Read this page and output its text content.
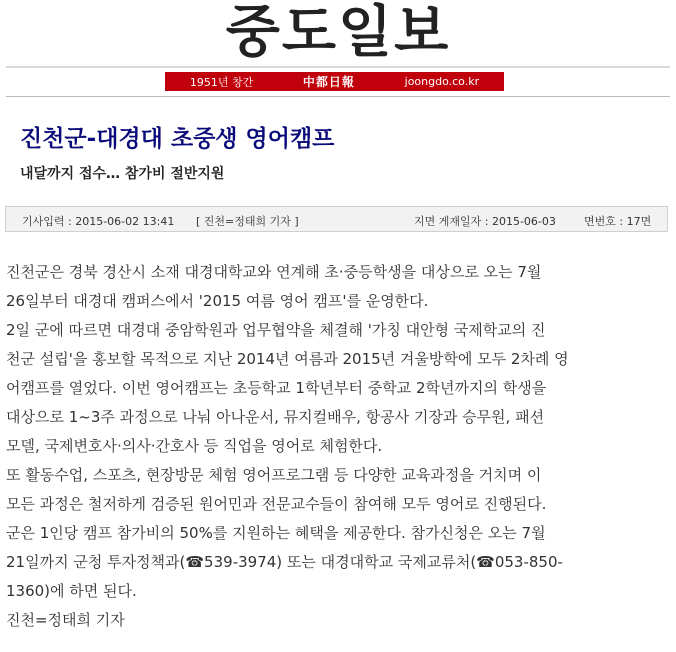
중도일보
1951년 창간	中都日報	joongdo.co.kr
진천군-대경대 초중생 영어캠프
내달까지 접수… 참가비 절반지원
기사입력 : 2015-06-02 13:41 [ 진천=정태희 기자 ]	지면 게재일자 : 2015-06-03	면번호 : 17면
진천군은 경북 경산시 소재 대경대학교와 연계해 초·중등학생을 대상으로 오는 7월
26일부터 대경대 캠퍼스에서 '2015 여름 영어 캠프'를 운영한다.
2일 군에 따르면 대경대 중암학원과 업무협약을 체결해 '가칭 대안형 국제학교의 진
천군 설립'을 홍보할 목적으로 지난 2014년 여름과 2015년 겨울방학에 모두 2차례 영
어캠프를 열었다. 이번 영어캠프는 초등학교 1학년부터 중학교 2학년까지의 학생을
대상으로 1~3주 과정으로 나눠 아나운서, 뮤지컬배우, 항공사 기장과 승무원, 패션
모델, 국제변호사·의사·간호사 등 직업을 영어로 체험한다.
또 활동수업, 스포츠, 현장방문 체험 영어프로그램 등 다양한 교육과정을 거치며 이
모든 과정은 철저하게 검증된 원어민과 전문교수들이 참여해 모두 영어로 진행된다.
군은 1인당 캠프 참가비의 50%를 지원하는 혜택을 제공한다. 참가신청은 오는 7월
21일까지 군청 투자정책과(☎539-3974) 또는 대경대학교 국제교류처(☎053-850-
1360)에 하면 된다.
진천=정태희 기자
